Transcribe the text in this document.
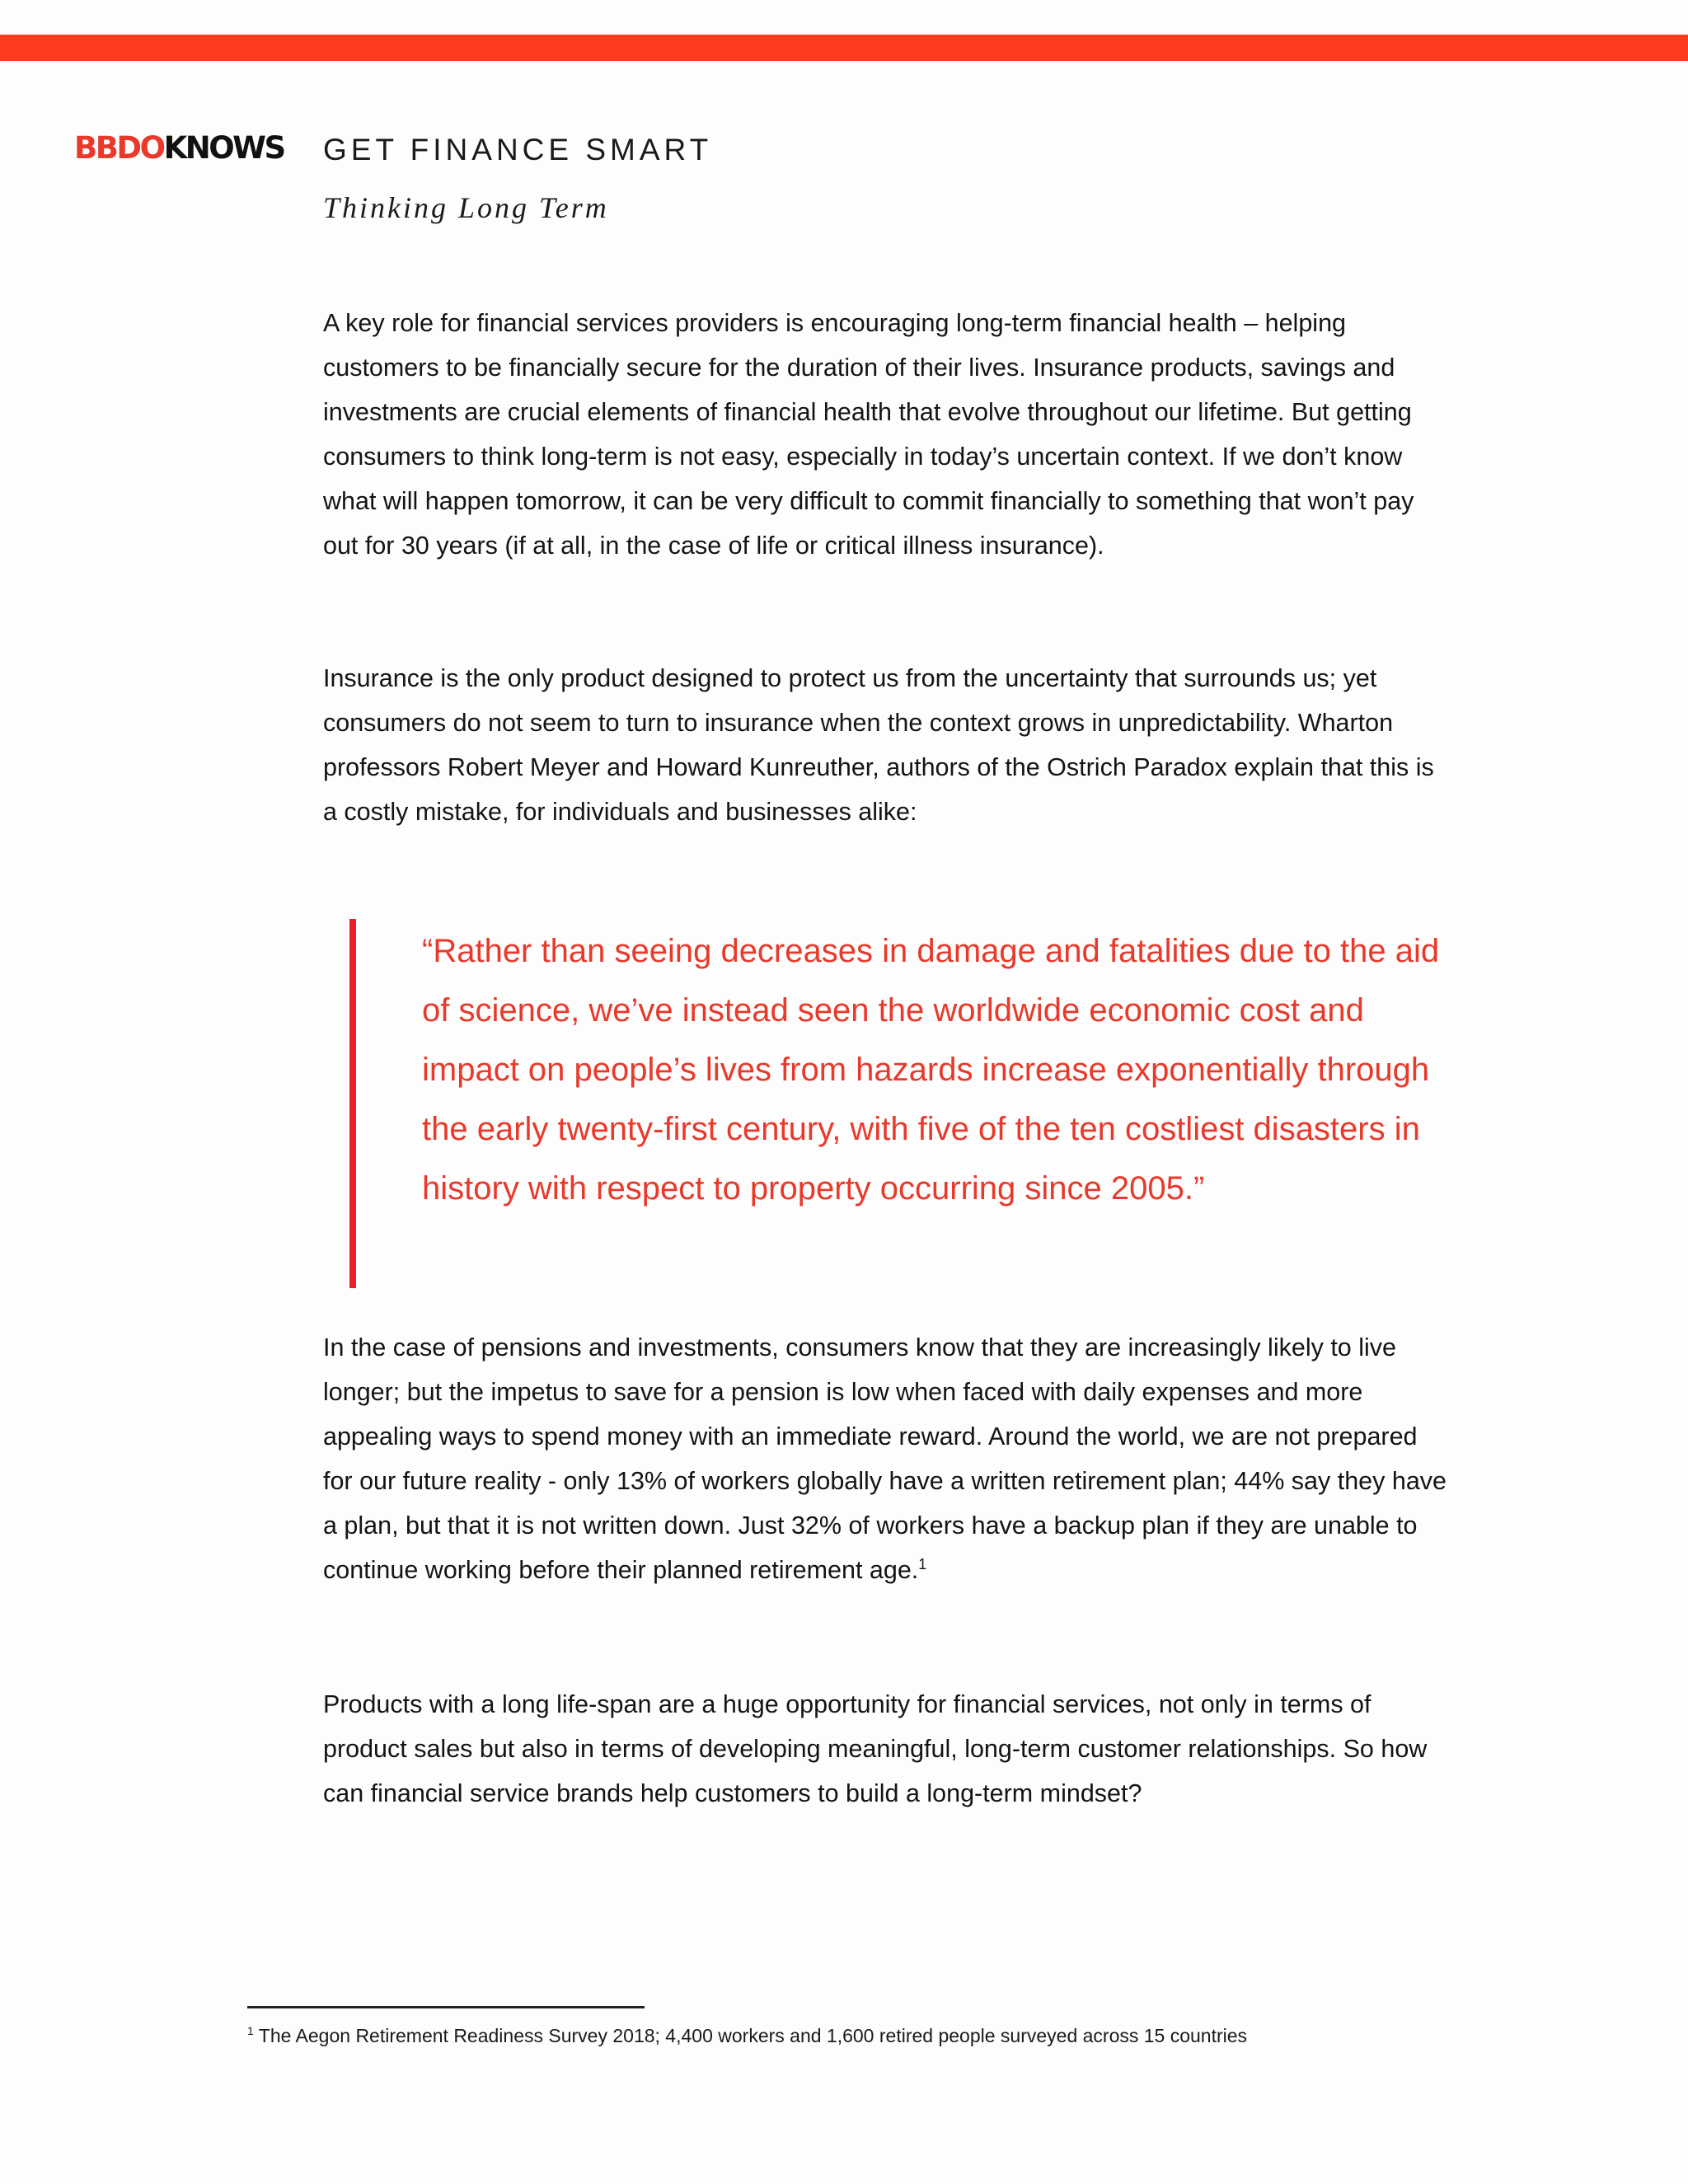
BBDOKNOWS GET FINANCE SMART
Thinking Long Term

A key role for financial services providers is encouraging long-term financial health – helping customers to be financially secure for the duration of their lives. Insurance products, savings and investments are crucial elements of financial health that evolve throughout our lifetime. But getting consumers to think long-term is not easy, especially in today’s uncertain context. If we don’t know what will happen tomorrow, it can be very difficult to commit financially to something that won’t pay out for 30 years (if at all, in the case of life or critical illness insurance).

Insurance is the only product designed to protect us from the uncertainty that surrounds us; yet consumers do not seem to turn to insurance when the context grows in unpredictability. Wharton professors Robert Meyer and Howard Kunreuther, authors of the Ostrich Paradox explain that this is a costly mistake, for individuals and businesses alike:

“Rather than seeing decreases in damage and fatalities due to the aid of science, we’ve instead seen the worldwide economic cost and impact on people’s lives from hazards increase exponentially through the early twenty-first century, with five of the ten costliest disasters in history with respect to property occurring since 2005.”

In the case of pensions and investments, consumers know that they are increasingly likely to live longer; but the impetus to save for a pension is low when faced with daily expenses and more appealing ways to spend money with an immediate reward. Around the world, we are not prepared for our future reality - only 13% of workers globally have a written retirement plan; 44% say they have a plan, but that it is not written down. Just 32% of workers have a backup plan if they are unable to continue working before their planned retirement age.$^1$

Products with a long life-span are a huge opportunity for financial services, not only in terms of product sales but also in terms of developing meaningful, long-term customer relationships. So how can financial service brands help customers to build a long-term mindset?

$^1$ The Aegon Retirement Readiness Survey 2018; 4,400 workers and 1,600 retired people surveyed across 15 countries
